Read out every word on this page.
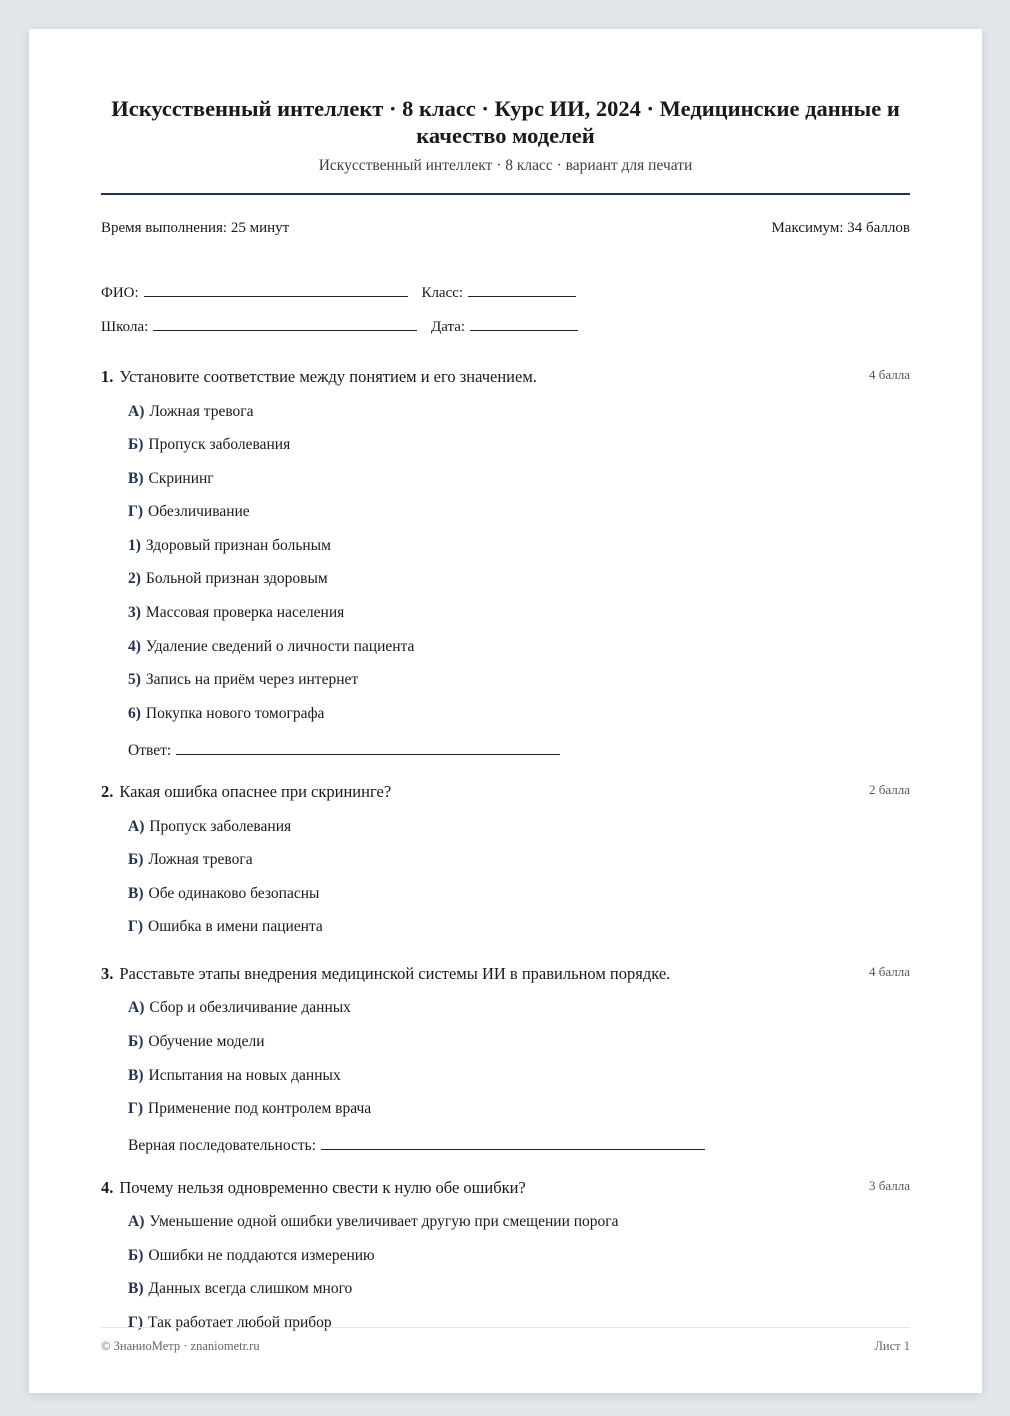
Искусственный интеллект · 8 класс · Курс ИИ, 2024 · Медицинские данные и качество моделей
Искусственный интеллект · 8 класс · вариант для печати
Время выполнения: 25 минут	Максимум: 34 баллов
ФИО:	Класс:
Школа:	Дата:
1. Установите соответствие между понятием и его значением.	4 балла
А) Ложная тревога
Б) Пропуск заболевания
В) Скрининг
Г) Обезличивание
1) Здоровый признан больным
2) Больной признан здоровым
3) Массовая проверка населения
4) Удаление сведений о личности пациента
5) Запись на приём через интернет
6) Покупка нового томографа
Ответ:
2. Какая ошибка опаснее при скрининге?	2 балла
А) Пропуск заболевания
Б) Ложная тревога
В) Обе одинаково безопасны
Г) Ошибка в имени пациента
3. Расставьте этапы внедрения медицинской системы ИИ в правильном порядке.	4 балла
А) Сбор и обезличивание данных
Б) Обучение модели
В) Испытания на новых данных
Г) Применение под контролем врача
Верная последовательность:
4. Почему нельзя одновременно свести к нулю обе ошибки?	3 балла
А) Уменьшение одной ошибки увеличивает другую при смещении порога
Б) Ошибки не поддаются измерению
В) Данных всегда слишком много
Г) Так работает любой прибор
© ЗнаниоМетр · znaniometr.ru	Лист 1
